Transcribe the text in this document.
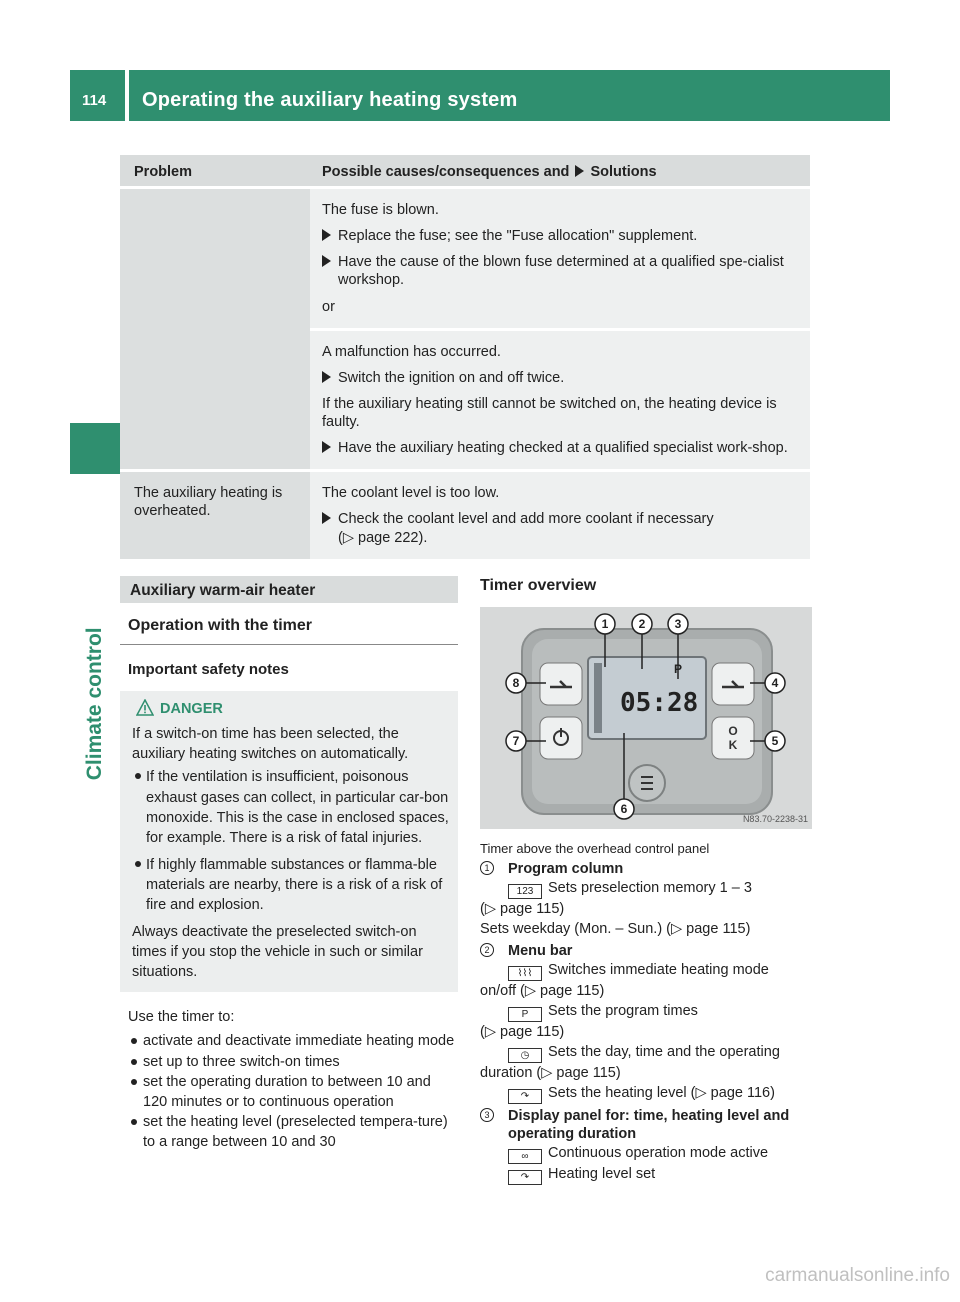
114 Operating the auxiliary heating system
Climate control
Problem	Possible causes/consequences and Solutions
The fuse is blown.
Replace the fuse; see the "Fuse allocation" supplement.
Have the cause of the blown fuse determined at a qualified spe-cialist workshop.
or
A malfunction has occurred.
Switch the ignition on and off twice.
If the auxiliary heating still cannot be switched on, the heating device is faulty.
Have the auxiliary heating checked at a qualified specialist work-shop.
The auxiliary heating is overheated.
The coolant level is too low.
Check the coolant level and add more coolant if necessary
(▷ page 222).
Auxiliary warm-air heater
Operation with the timer
Important safety notes
DANGER
If a switch-on time has been selected, the auxiliary heating switches on automatically.
If the ventilation is insufficient, poisonous exhaust gases can collect, in particular car-bon monoxide. This is the case in enclosed spaces, for example. There is a risk of fatal injuries.
If highly flammable substances or flamma-ble materials are nearby, there is a risk of a risk of fire and explosion.
Always deactivate the preselected switch-on times if you stop the vehicle in such or similar situations.
Use the timer to:
activate and deactivate immediate heating mode
set up to three switch-on times
set the operating duration to between 10 and 120 minutes or to continuous operation
set the heating level (preselected tempera-ture) to a range between 10 and 30
Timer overview
O
K
P
05:28
1	2 3
4
5
6
7
8
N83.70-2238-31
Timer above the overhead control panel
1	Program column
123 Sets preselection memory 1 – 3
(▷ page 115)
Sets weekday (Mon. – Sun.) (▷ page 115)
2	Menu bar
⌇⌇⌇ Switches immediate heating mode
on/off (▷ page 115)
P Sets the program times
(▷ page 115)
◷ Sets the day, time and the operating
duration (▷ page 115)
↷ Sets the heating level (▷ page 116)
3	Display panel for: time, heating level and operating duration
∞ Continuous operation mode active
↷ Heating level set
carmanualsonline.info
